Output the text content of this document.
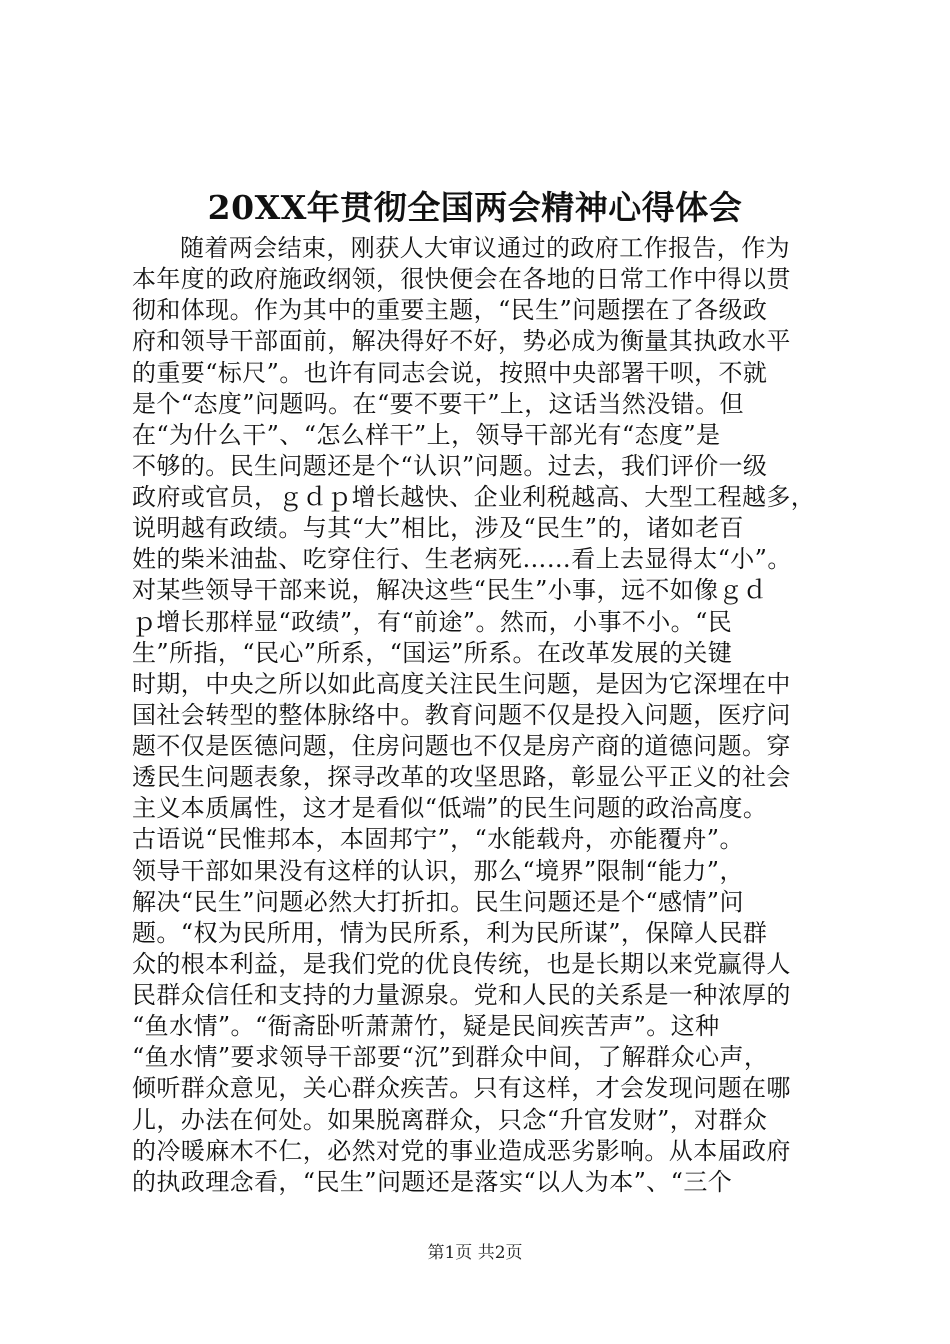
20XX年贯彻全国两会精神心得体会
随着两会结束，刚获人大审议通过的政府工作报告，作为
本年度的政府施政纲领，很快便会在各地的日常工作中得以贯
彻和体现。作为其中的重要主题，“民生”问题摆在了各级政
府和领导干部面前，解决得好不好，势必成为衡量其执政水平
的重要“标尺”。也许有同志会说，按照中央部署干呗，不就
是个“态度”问题吗。在“要不要干”上，这话当然没错。但
在“为什么干”、“怎么样干”上，领导干部光有“态度”是
不够的。民生问题还是个“认识”问题。过去，我们评价一级
政府或官员，ｇｄｐ增长越快、企业利税越高、大型工程越多，
说明越有政绩。与其“大”相比，涉及“民生”的，诸如老百
姓的柴米油盐、吃穿住行、生老病死……看上去显得太“小”。
对某些领导干部来说，解决这些“民生”小事，远不如像ｇｄ
ｐ增长那样显“政绩”，有“前途”。然而，小事不小。“民
生”所指，“民心”所系，“国运”所系。在改革发展的关键
时期，中央之所以如此高度关注民生问题，是因为它深埋在中
国社会转型的整体脉络中。教育问题不仅是投入问题，医疗问
题不仅是医德问题，住房问题也不仅是房产商的道德问题。穿
透民生问题表象，探寻改革的攻坚思路，彰显公平正义的社会
主义本质属性，这才是看似“低端”的民生问题的政治高度。
古语说“民惟邦本，本固邦宁”，“水能载舟，亦能覆舟”。
领导干部如果没有这样的认识，那么“境界”限制“能力”，
解决“民生”问题必然大打折扣。民生问题还是个“感情”问
题。“权为民所用，情为民所系，利为民所谋”，保障人民群
众的根本利益，是我们党的优良传统，也是长期以来党赢得人
民群众信任和支持的力量源泉。党和人民的关系是一种浓厚的
“鱼水情”。“衙斋卧听萧萧竹，疑是民间疾苦声”。这种
“鱼水情”要求领导干部要“沉”到群众中间，了解群众心声，
倾听群众意见，关心群众疾苦。只有这样，才会发现问题在哪
儿，办法在何处。如果脱离群众，只念“升官发财”，对群众
的冷暖麻木不仁，必然对党的事业造成恶劣影响。从本届政府
的执政理念看，“民生”问题还是落实“以人为本”、“三个
第1页 共2页
